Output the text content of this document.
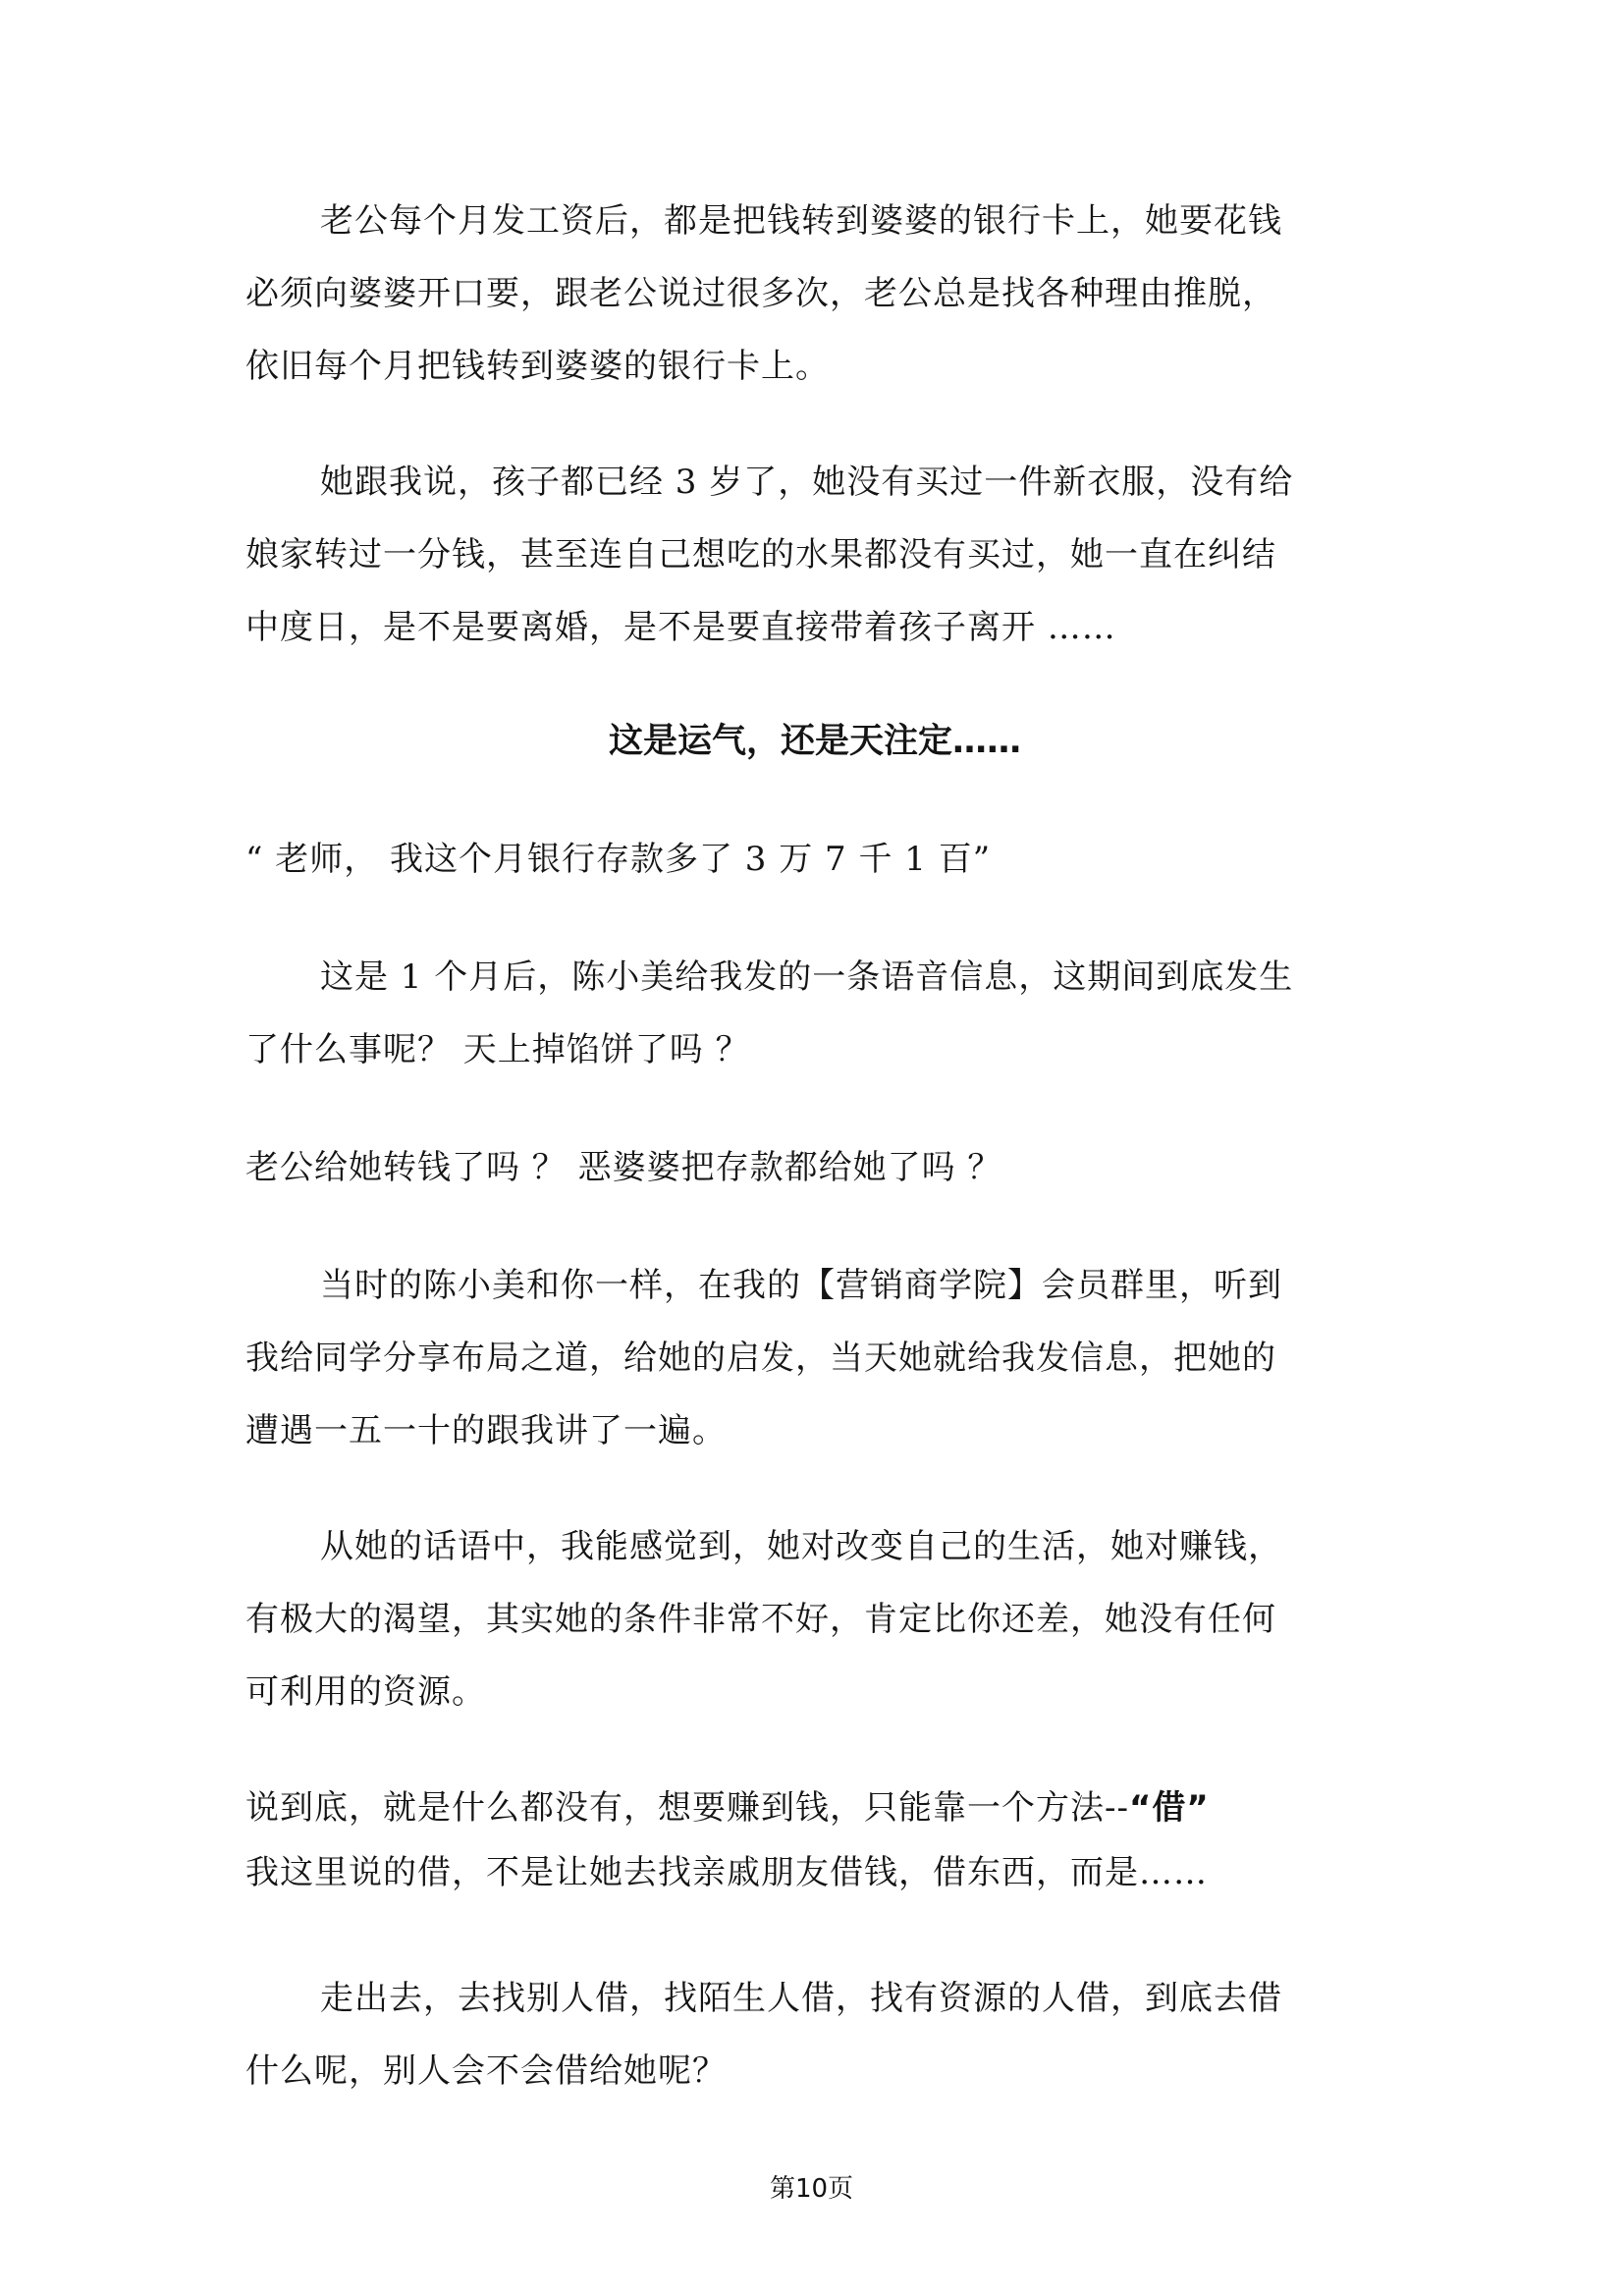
老公每个月发工资后，都是把钱转到婆婆的银行卡上，她要花钱
必须向婆婆开口要，跟老公说过很多次，老公总是找各种理由推脱，
依旧每个月把钱转到婆婆的银行卡上。
她跟我说，孩子都已经 3 岁了，她没有买过一件新衣服，没有给
娘家转过一分钱，甚至连自己想吃的水果都没有买过，她一直在纠结
中度日，是不是要离婚，是不是要直接带着孩子离开 ……
这是运气，还是天注定……
“ 老师， 我这个月银行存款多了 3 万 7 千 1 百”
这是 1 个月后，陈小美给我发的一条语音信息，这期间到底发生
了什么事呢？ 天上掉馅饼了吗 ？
老公给她转钱了吗 ？ 恶婆婆把存款都给她了吗 ？
当时的陈小美和你一样，在我的【营销商学院】会员群里，听到
我给同学分享布局之道，给她的启发，当天她就给我发信息，把她的
遭遇一五一十的跟我讲了一遍。
从她的话语中，我能感觉到，她对改变自己的生活，她对赚钱，
有极大的渴望，其实她的条件非常不好，肯定比你还差，她没有任何
可利用的资源。
说到底，就是什么都没有，想要赚到钱，只能靠一个方法--“借”
我这里说的借，不是让她去找亲戚朋友借钱，借东西，而是……
走出去，去找别人借，找陌生人借，找有资源的人借，到底去借
什么呢，别人会不会借给她呢？
第10页
